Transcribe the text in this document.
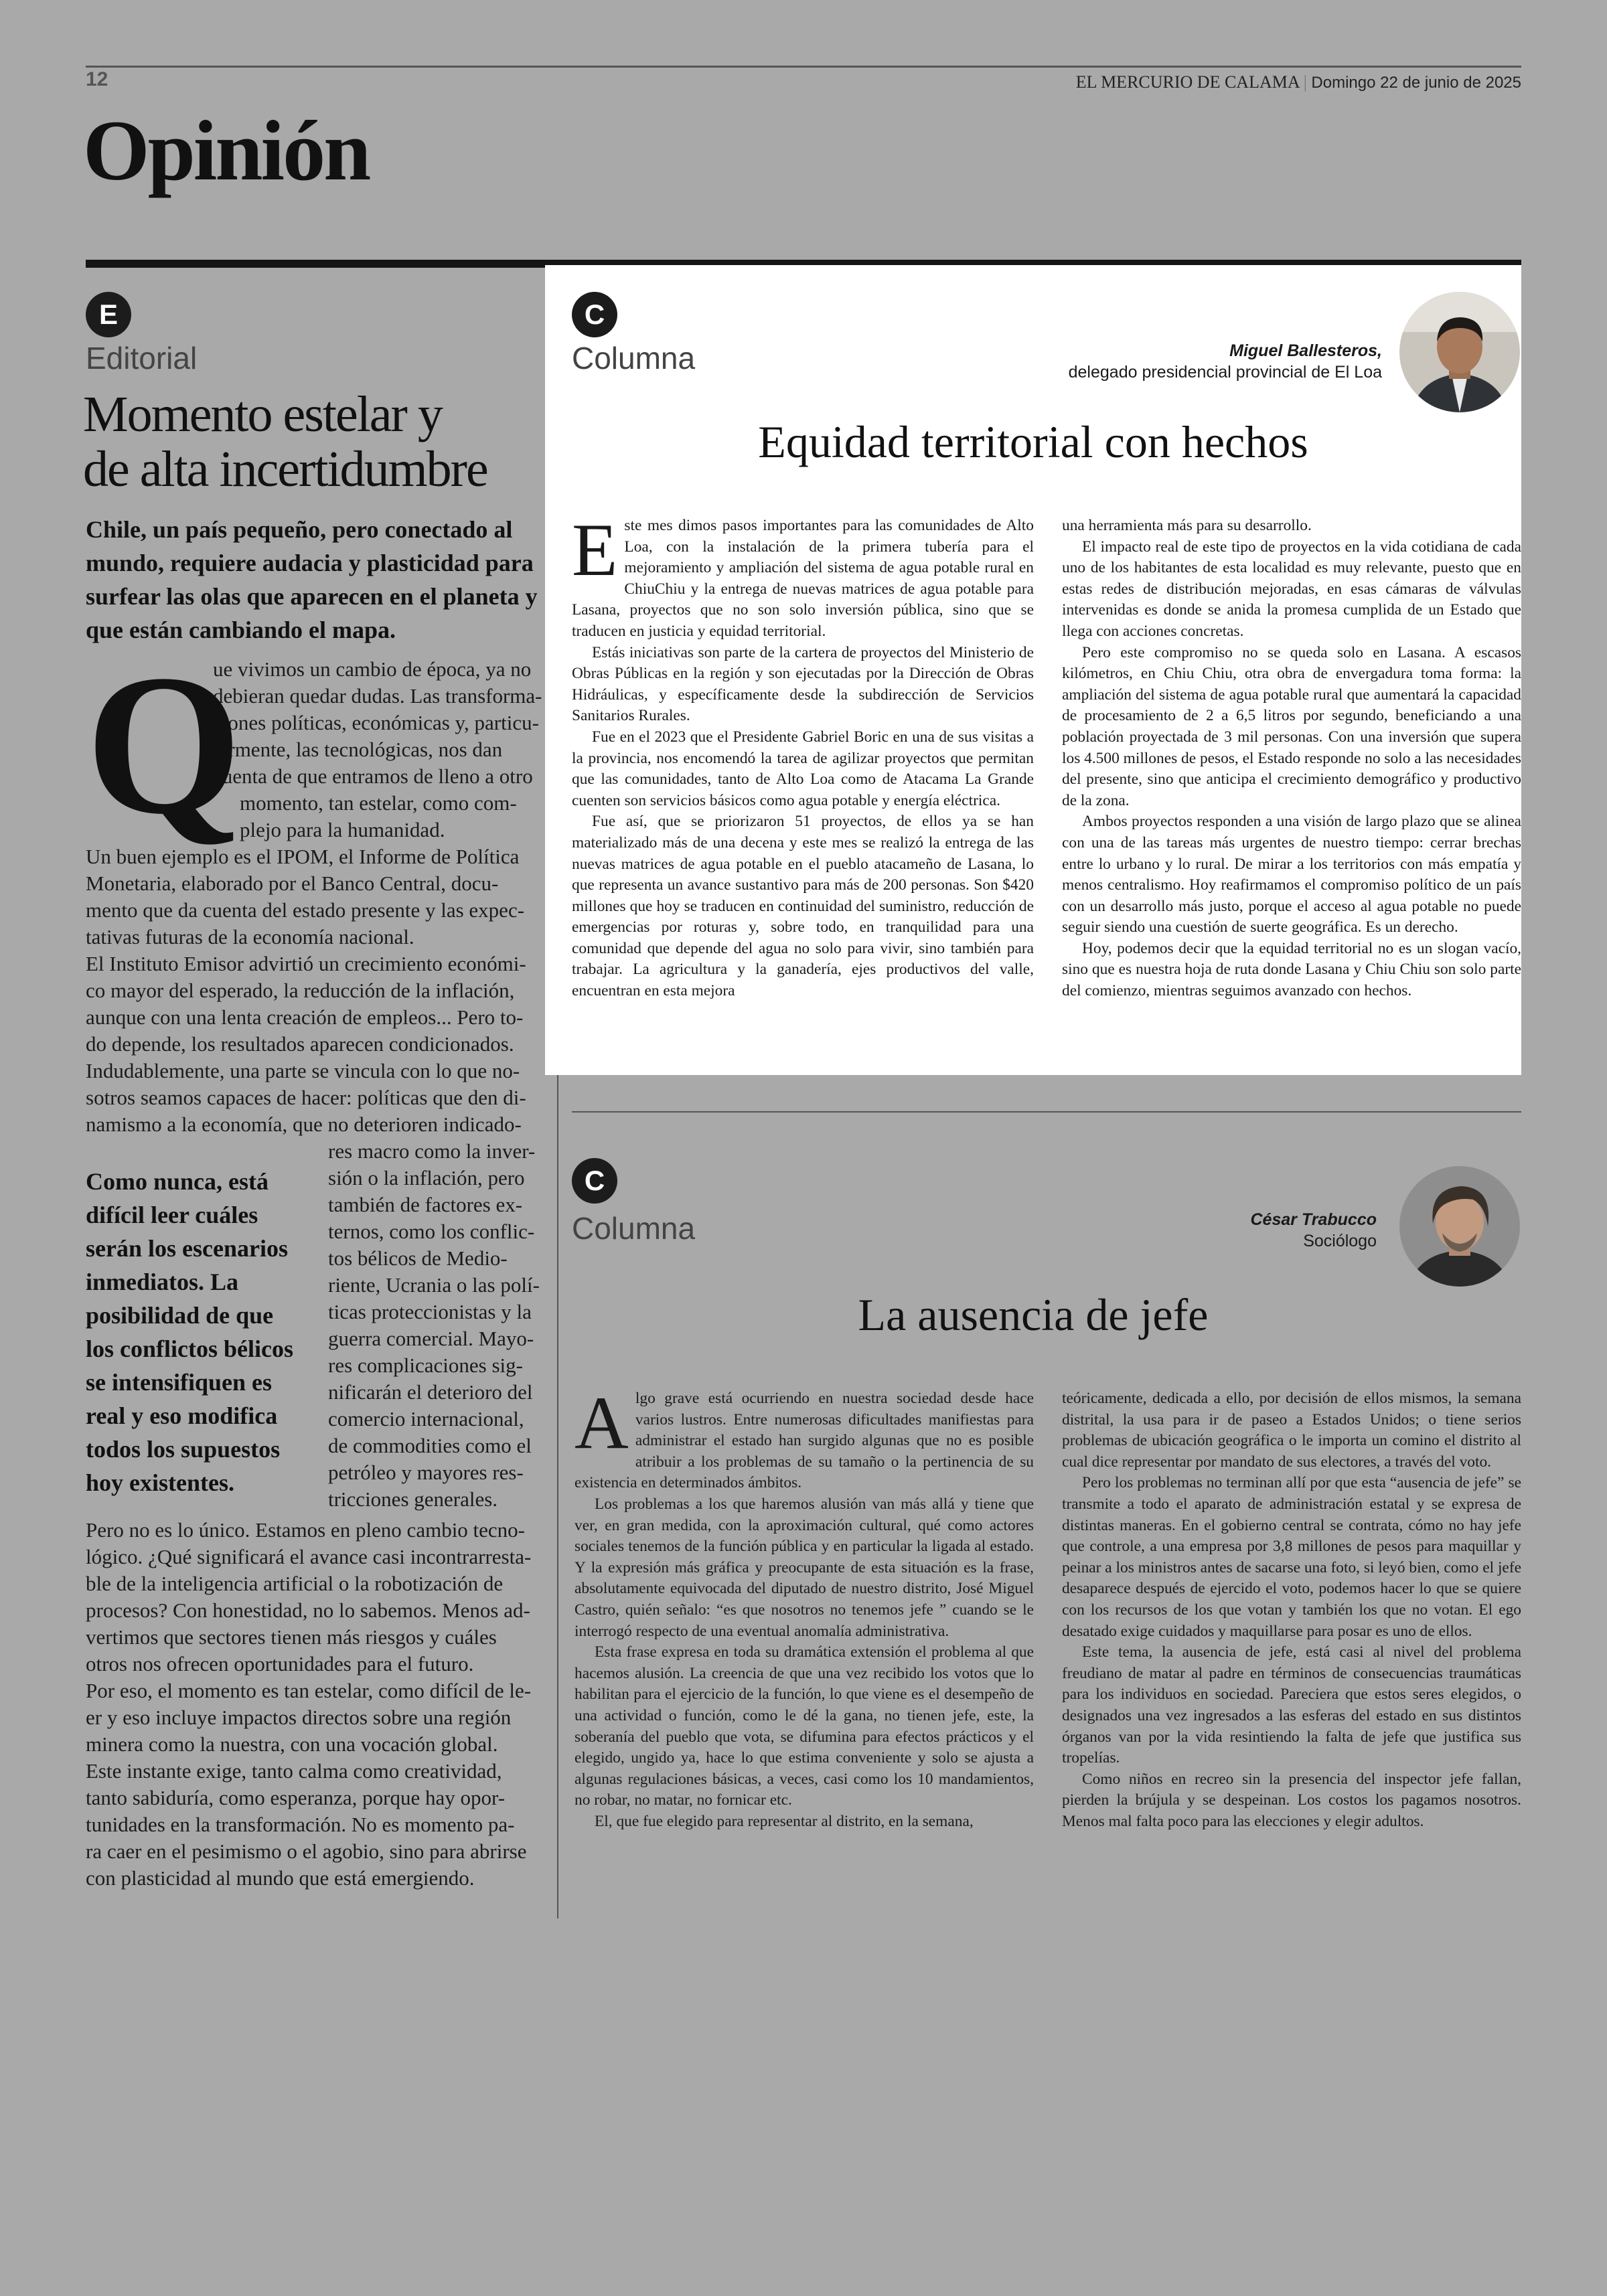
12	EL MERCURIO DE CALAMA | Domingo 22 de junio de 2025
Opinión
E
Editorial
Momento estelar y
de alta incertidumbre
Chile, un país pequeño, pero conectado al mundo, requiere audacia y plasticidad para surfear las olas que aparecen en el planeta y que están cambiando el mapa.
Q
ue vivimos un cambio de época, ya no
debieran quedar dudas. Las transforma-
ciones políticas, económicas y, particu-
larmente, las tecnológicas, nos dan
cuenta de que entramos de lleno a otro
momento, tan estelar, como com-
plejo para la humanidad.
Un buen ejemplo es el IPOM, el Informe de Política
Monetaria, elaborado por el Banco Central, docu-
mento que da cuenta del estado presente y las expec-
tativas futuras de la economía nacional.
El Instituto Emisor advirtió un crecimiento económi-
co mayor del esperado, la reducción de la inflación,
aunque con una lenta creación de empleos... Pero to-
do depende, los resultados aparecen condicionados.
Indudablemente, una parte se vincula con lo que no-
sotros seamos capaces de hacer: políticas que den di-
namismo a la economía, que no deterioren indicado-
Como nunca, está difícil leer cuáles serán los escenarios inmediatos. La posibilidad de que los conflictos bélicos se intensifiquen es real y eso modifica todos los supuestos hoy existentes.
res macro como la inver-
sión o la inflación, pero
también de factores ex-
ternos, como los conflic-
tos bélicos de Medio-
riente, Ucrania o las polí-
ticas proteccionistas y la
guerra comercial. Mayo-
res complicaciones sig-
nificarán el deterioro del
comercio internacional,
de commodities como el
petróleo y mayores res-
tricciones generales.
Pero no es lo único. Estamos en pleno cambio tecno-
lógico. ¿Qué significará el avance casi incontrarresta-
ble de la inteligencia artificial o la robotización de
procesos? Con honestidad, no lo sabemos. Menos ad-
vertimos que sectores tienen más riesgos y cuáles
otros nos ofrecen oportunidades para el futuro.
Por eso, el momento es tan estelar, como difícil de le-
er y eso incluye impactos directos sobre una región
minera como la nuestra, con una vocación global.
Este instante exige, tanto calma como creatividad,
tanto sabiduría, como esperanza, porque hay opor-
tunidades en la transformación. No es momento pa-
ra caer en el pesimismo o el agobio, sino para abrirse
con plasticidad al mundo que está emergiendo.
C
Columna	Miguel Ballesteros,
delegado presidencial provincial de El Loa
Equidad territorial con hechos
E ste mes dimos pasos importantes para las comunidades de Alto Loa, con la instalación de la primera tubería para el mejoramiento y ampliación del sistema de agua potable rural en ChiuChiu y la entrega de nuevas matrices de agua potable para Lasana, proyectos que no son solo inversión pública, sino que se traducen en justicia y equidad territorial.

Estás iniciativas son parte de la cartera de proyectos del Ministerio de Obras Públicas en la región y son ejecutadas por la Dirección de Obras Hidráulicas, y específicamente desde la subdirección de Servicios Sanitarios Rurales.

Fue en el 2023 que el Presidente Gabriel Boric en una de sus visitas a la provincia, nos encomendó la tarea de agilizar proyectos que permitan que las comunidades, tanto de Alto Loa como de Atacama La Grande cuenten son servicios básicos como agua potable y energía eléctrica.

Fue así, que se priorizaron 51 proyectos, de ellos ya se han materializado más de una decena y este mes se realizó la entrega de las nuevas matrices de agua potable en el pueblo atacameño de Lasana, lo que representa un avance sustantivo para más de 200 personas. Son $420 millones que hoy se traducen en continuidad del suministro, reducción de emergencias por roturas y, sobre todo, en tranquilidad para una comunidad que depende del agua no solo para vivir, sino también para trabajar. La agricultura y la ganadería, ejes productivos del valle, encuentran en esta mejora

una herramienta más para su desarrollo.

El impacto real de este tipo de proyectos en la vida cotidiana de cada uno de los habitantes de esta localidad es muy relevante, puesto que en estas redes de distribución mejoradas, en esas cámaras de válvulas intervenidas es donde se anida la promesa cumplida de un Estado que llega con acciones concretas.

Pero este compromiso no se queda solo en Lasana. A escasos kilómetros, en Chiu Chiu, otra obra de envergadura toma forma: la ampliación del sistema de agua potable rural que aumentará la capacidad de procesamiento de 2 a 6,5 litros por segundo, beneficiando a una población proyectada de 3 mil personas. Con una inversión que supera los 4.500 millones de pesos, el Estado responde no solo a las necesidades del presente, sino que anticipa el crecimiento demográfico y productivo de la zona.

Ambos proyectos responden a una visión de largo plazo que se alinea con una de las tareas más urgentes de nuestro tiempo: cerrar brechas entre lo urbano y lo rural. De mirar a los territorios con más empatía y menos centralismo. Hoy reafirmamos el compromiso político de un país con un desarrollo más justo, porque el acceso al agua potable no puede seguir siendo una cuestión de suerte geográfica. Es un derecho.

Hoy, podemos decir que la equidad territorial no es un slogan vacío, sino que es nuestra hoja de ruta donde Lasana y Chiu Chiu son solo parte del comienzo, mientras seguimos avanzado con hechos.

C
Columna	César Trabucco
Sociólogo
La ausencia de jefe
A lgo grave está ocurriendo en nuestra sociedad desde hace varios lustros. Entre numerosas dificultades manifiestas para administrar el estado han surgido algunas que no es posible atribuir a los problemas de su tamaño o la pertinencia de su existencia en determinados ámbitos.

Los problemas a los que haremos alusión van más allá y tiene que ver, en gran medida, con la aproximación cultural, qué como actores sociales tenemos de la función pública y en particular la ligada al estado. Y la expresión más gráfica y preocupante de esta situación es la frase, absolutamente equivocada del diputado de nuestro distrito, José Miguel Castro, quién señalo: “es que nosotros no tenemos jefe ” cuando se le interrogó respecto de una eventual anomalía administrativa.

Esta frase expresa en toda su dramática extensión el problema al que hacemos alusión. La creencia de que una vez recibido los votos que lo habilitan para el ejercicio de la función, lo que viene es el desempeño de una actividad o función, como le dé la gana, no tienen jefe, este, la soberanía del pueblo que vota, se difumina para efectos prácticos y el elegido, ungido ya, hace lo que estima conveniente y solo se ajusta a algunas regulaciones básicas, a veces, casi como los 10 mandamientos, no robar, no matar, no fornicar etc.

El, que fue elegido para representar al distrito, en la semana,

teóricamente, dedicada a ello, por decisión de ellos mismos, la semana distrital, la usa para ir de paseo a Estados Unidos; o tiene serios problemas de ubicación geográfica o le importa un comino el distrito al cual dice representar por mandato de sus electores, a través del voto.

Pero los problemas no terminan allí por que esta “ausencia de jefe” se transmite a todo el aparato de administración estatal y se expresa de distintas maneras. En el gobierno central se contrata, cómo no hay jefe que controle, a una empresa por 3,8 millones de pesos para maquillar y peinar a los ministros antes de sacarse una foto, si leyó bien, como el jefe desaparece después de ejercido el voto, podemos hacer lo que se quiere con los recursos de los que votan y también los que no votan. El ego desatado exige cuidados y maquillarse para posar es uno de ellos.

Este tema, la ausencia de jefe, está casi al nivel del problema freudiano de matar al padre en términos de consecuencias traumáticas para los individuos en sociedad. Pareciera que estos seres elegidos, o designados una vez ingresados a las esferas del estado en sus distintos órganos van por la vida resintiendo la falta de jefe que justifica sus tropelías.

Como niños en recreo sin la presencia del inspector jefe fallan, pierden la brújula y se despeinan. Los costos los pagamos nosotros. Menos mal falta poco para las elecciones y elegir adultos.
